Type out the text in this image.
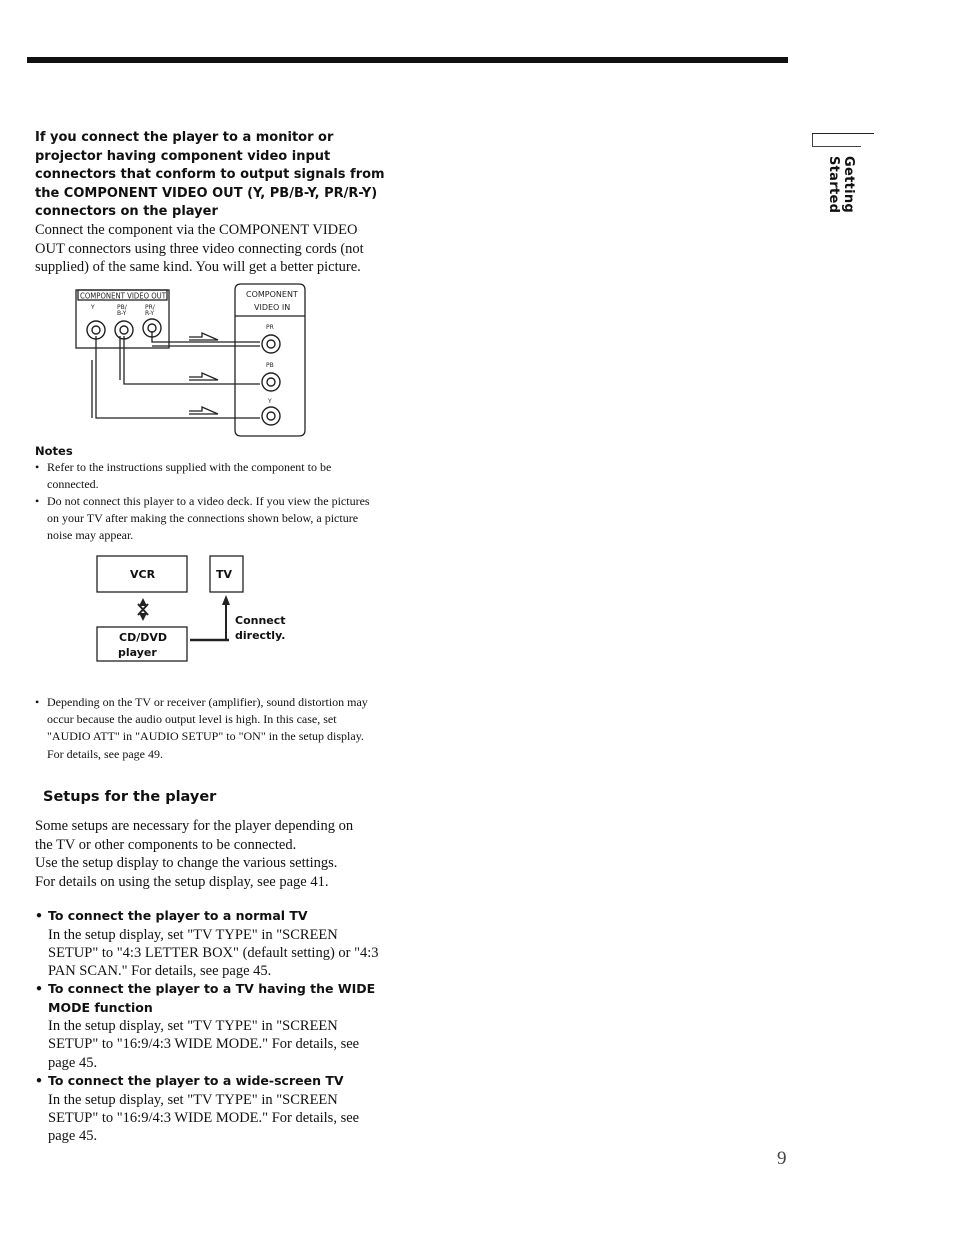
If you connect the player to a monitor or
projector having component video input
connectors that conform to output signals from
the COMPONENT VIDEO OUT (Y, PB/B-Y, PR/R-Y)
connectors on the player
Connect the component via the COMPONENT VIDEO
OUT connectors using three video connecting cords (not
supplied) of the same kind. You will get a better picture.
COMPONENT VIDEO OUT
Y	PB/
B-Y
PR/
R-Y
COMPONENT
VIDEO IN
PR
PB
Y
Notes
• Refer to the instructions supplied with the component to be connected.
• Do not connect this player to a video deck. If you view the pictures on your TV after making the connections shown below, a picture noise may appear.
VCR	TV
CD/DVD
player
Connect
directly.
• Depending on the TV or receiver (amplifier), sound distortion may occur because the audio output level is high. In this case, set "AUDIO ATT" in "AUDIO SETUP" to "ON" in the setup display. For details, see page 49.
Setups for the player
Some setups are necessary for the player depending on
the TV or other components to be connected.
Use the setup display to change the various settings.
For details on using the setup display, see page 41.
• To connect the player to a normal TV
In the setup display, set "TV TYPE" in "SCREEN SETUP" to "4:3 LETTER BOX" (default setting) or "4:3 PAN SCAN." For details, see page 45.
• To connect the player to a TV having the WIDE MODE function
In the setup display, set "TV TYPE" in "SCREEN SETUP" to "16:9/4:3 WIDE MODE." For details, see page 45.
• To connect the player to a wide-screen TV
In the setup display, set "TV TYPE" in "SCREEN SETUP" to "16:9/4:3 WIDE MODE." For details, see page 45.
Getting Started
9
